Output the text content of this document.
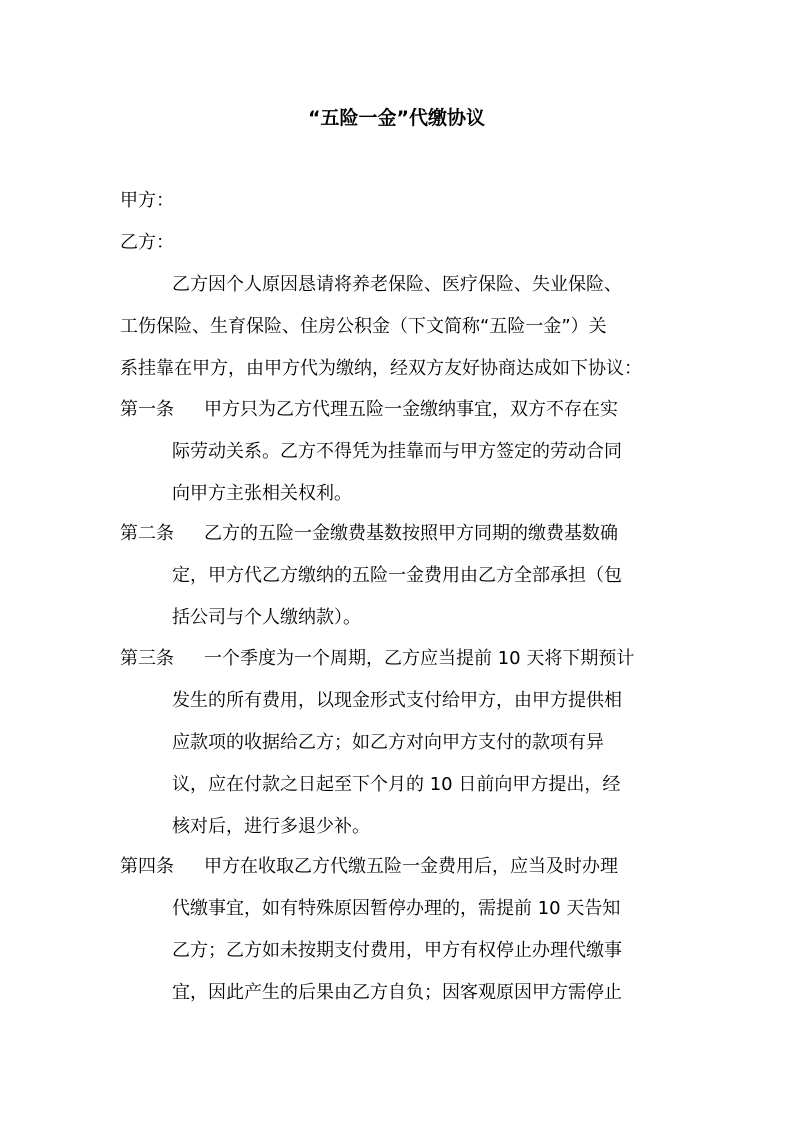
“五险一金”代缴协议
甲方：
乙方：
乙方因个人原因恳请将养老保险、医疗保险、失业保险、
工伤保险、生育保险、住房公积金（下文简称“五险一金”）关
系挂靠在甲方，由甲方代为缴纳，经双方友好协商达成如下协议：
第一条 甲方只为乙方代理五险一金缴纳事宜，双方不存在实
际劳动关系。乙方不得凭为挂靠而与甲方签定的劳动合同
向甲方主张相关权利。
第二条 乙方的五险一金缴费基数按照甲方同期的缴费基数确
定，甲方代乙方缴纳的五险一金费用由乙方全部承担（包
括公司与个人缴纳款）。
第三条 一个季度为一个周期，乙方应当提前 10 天将下期预计
发生的所有费用，以现金形式支付给甲方，由甲方提供相
应款项的收据给乙方；如乙方对向甲方支付的款项有异
议，应在付款之日起至下个月的 10 日前向甲方提出，经
核对后，进行多退少补。
第四条 甲方在收取乙方代缴五险一金费用后，应当及时办理
代缴事宜，如有特殊原因暂停办理的，需提前 10 天告知
乙方；乙方如未按期支付费用，甲方有权停止办理代缴事
宜，因此产生的后果由乙方自负；因客观原因甲方需停止
